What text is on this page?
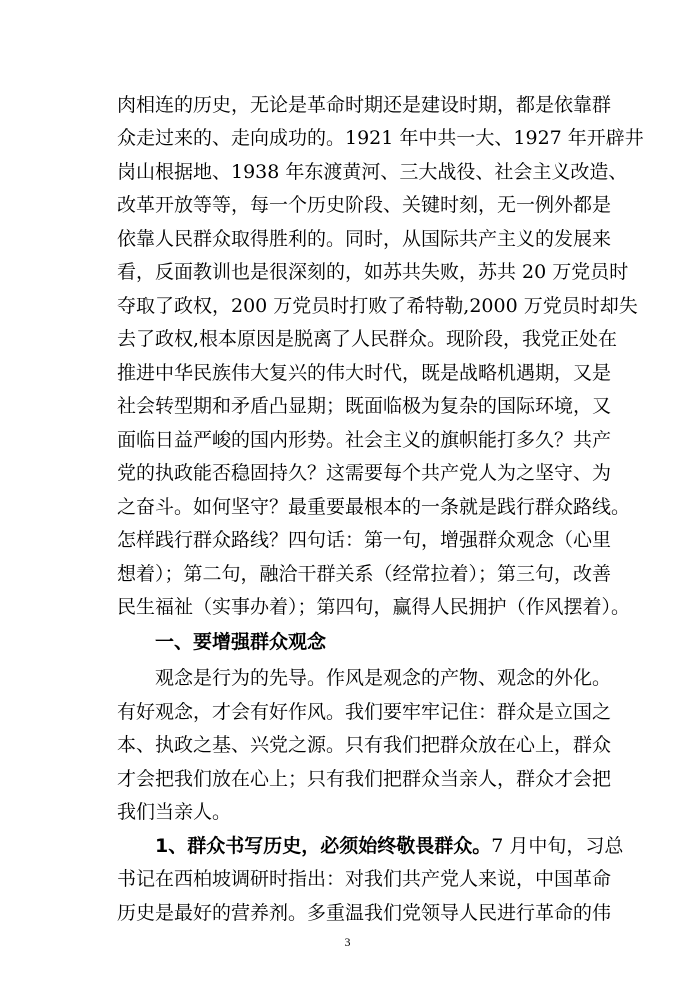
肉相连的历史，无论是革命时期还是建设时期，都是依靠群
众走过来的、走向成功的。1921 年中共一大、1927 年开辟井
岗山根据地、1938 年东渡黄河、三大战役、社会主义改造、
改革开放等等，每一个历史阶段、关键时刻，无一例外都是
依靠人民群众取得胜利的。同时，从国际共产主义的发展来
看，反面教训也是很深刻的，如苏共失败，苏共 20 万党员时
夺取了政权，200 万党员时打败了希特勒,2000 万党员时却失
去了政权,根本原因是脱离了人民群众。现阶段，我党正处在
推进中华民族伟大复兴的伟大时代，既是战略机遇期，又是
社会转型期和矛盾凸显期；既面临极为复杂的国际环境，又
面临日益严峻的国内形势。社会主义的旗帜能打多久？共产
党的执政能否稳固持久？这需要每个共产党人为之坚守、为
之奋斗。如何坚守？最重要最根本的一条就是践行群众路线。
怎样践行群众路线？四句话：第一句，增强群众观念（心里
想着）；第二句，融洽干群关系（经常拉着）；第三句，改善
民生福祉（实事办着）；第四句，赢得人民拥护（作风摆着）。
一、要增强群众观念
观念是行为的先导。作风是观念的产物、观念的外化。
有好观念，才会有好作风。我们要牢牢记住：群众是立国之
本、执政之基、兴党之源。只有我们把群众放在心上，群众
才会把我们放在心上；只有我们把群众当亲人，群众才会把
我们当亲人。
1、群众书写历史，必须始终敬畏群众。7 月中旬，习总
书记在西柏坡调研时指出：对我们共产党人来说，中国革命
3
历史是最好的营养剂。多重温我们党领导人民进行革命的伟
